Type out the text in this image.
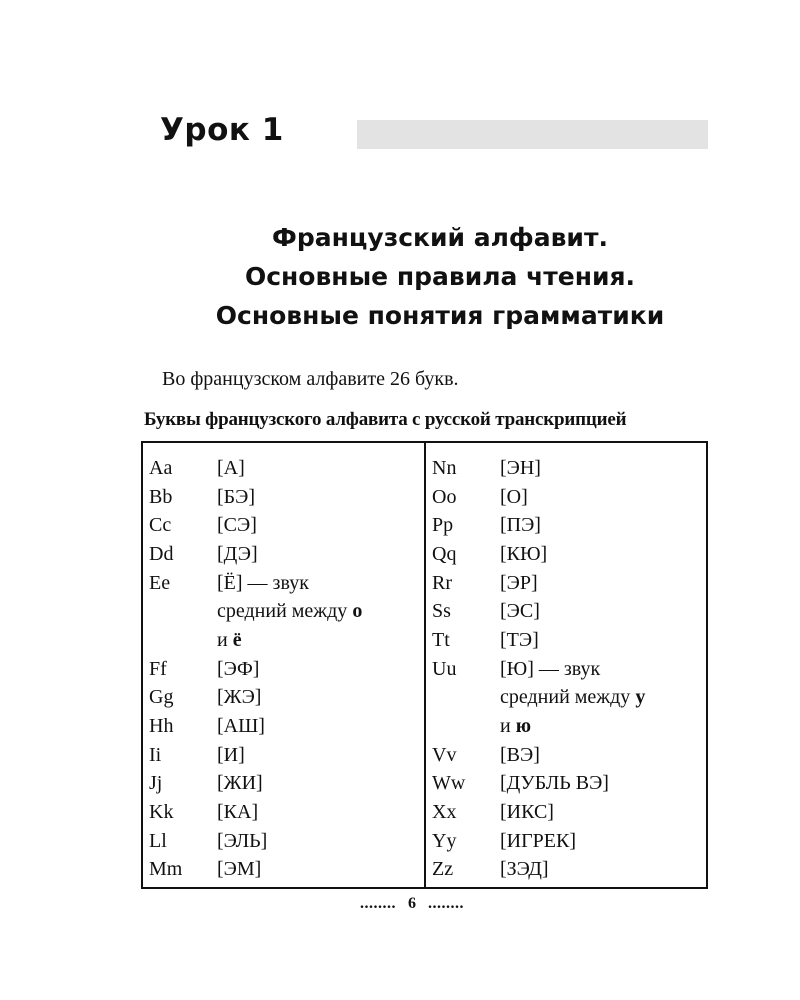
Урок 1
Французский алфавит.
Основные правила чтения.
Основные понятия грамматики
Во французском алфавите 26 букв.
Буквы французского алфавита с русской транскрипцией
Aa	[А]
Bb	[БЭ]
Cc	[СЭ]
Dd	[ДЭ]
Ee	[Ё] — звук
средний между о
и ё
Ff	[ЭФ]
Gg	[ЖЭ]
Hh	[АШ]
Ii	[И]
Jj	[ЖИ]
Kk	[КА]
Ll	[ЭЛЬ]
Mm	[ЭМ]
Nn	[ЭН]
Oo	[О]
Pp	[ПЭ]
Qq	[КЮ]
Rr	[ЭР]
Ss	[ЭС]
Tt	[ТЭ]
Uu	[Ю] — звук
средний между у
и ю
Vv	[ВЭ]
Ww	[ДУБЛЬ ВЭ]
Xx	[ИКС]
Yy	[ИГРЕК]
Zz	[ЗЭД]
........ 6 ........
